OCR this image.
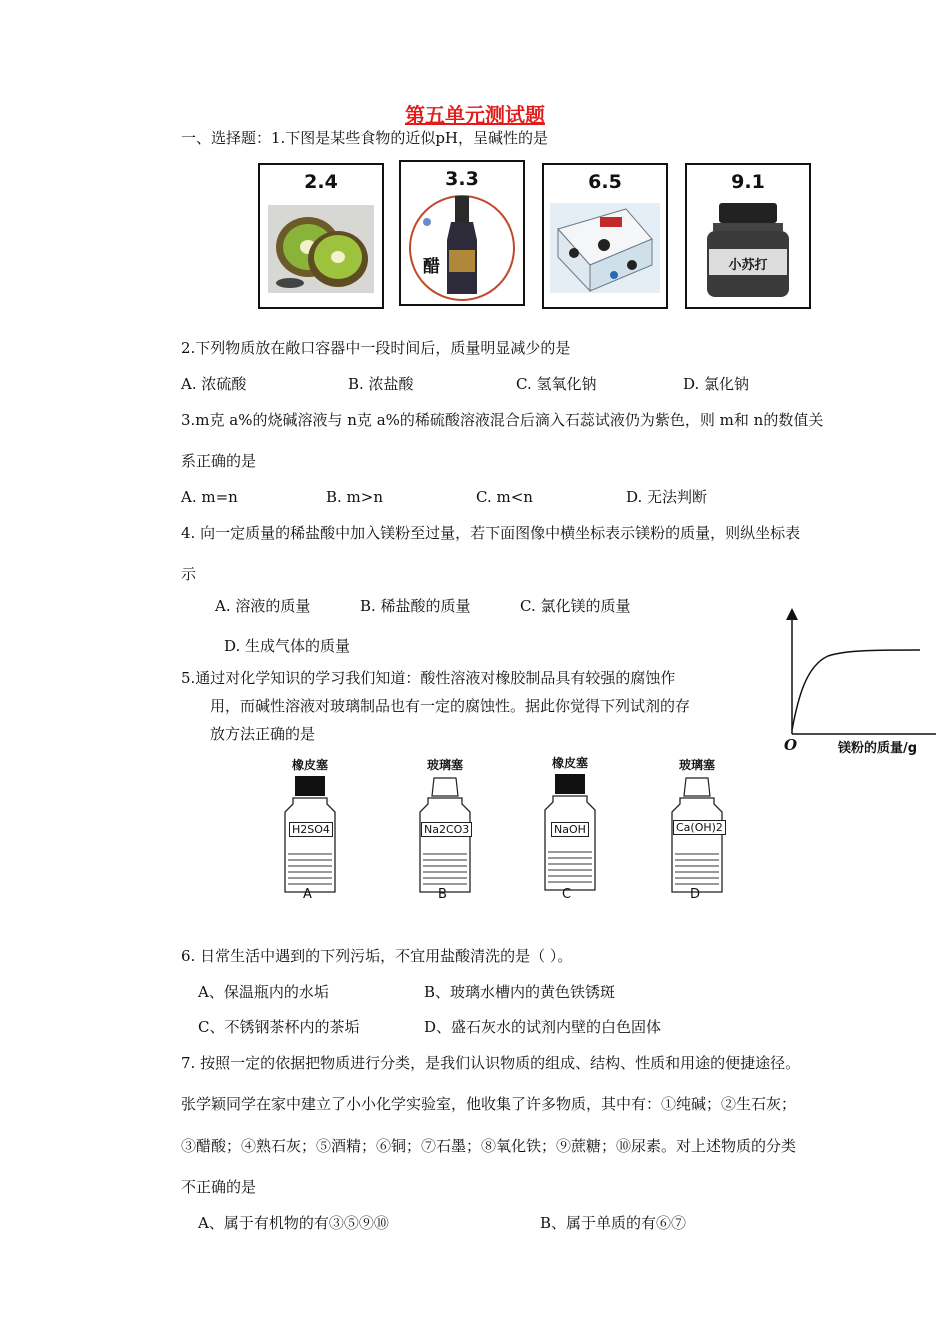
第五单元测试题
一、选择题：1.下图是某些食物的近似pH，呈碱性的是
2.4	3.3
醋
6.5	9.1
小苏打
2.下列物质放在敞口容器中一段时间后，质量明显减少的是
A. 浓硫酸	B. 浓盐酸	C. 氢氧化钠	D. 氯化钠
3.m克 a%的烧碱溶液与 n克 a%的稀硫酸溶液混合后滴入石蕊试液仍为紫色，则 m和 n的数值关
系正确的是
A. m=n	B. m>n	C. m<n	D. 无法判断
4. 向一定质量的稀盐酸中加入镁粉至过量，若下面图像中横坐标表示镁粉的质量，则纵坐标表
示
A. 溶液的质量	B. 稀盐酸的质量	C. 氯化镁的质量
D. 生成气体的质量
O	镁粉的质量/g
5.通过对化学知识的学习我们知道：酸性溶液对橡胶制品具有较强的腐蚀作
用，而碱性溶液对玻璃制品也有一定的腐蚀性。据此你觉得下列试剂的存
放方法正确的是
橡皮塞
H2SO4
A
玻璃塞
Na2CO3
B
橡皮塞
NaOH
C
玻璃塞
Ca(OH)2
D
6. 日常生活中遇到的下列污垢，不宜用盐酸清洗的是（ ）。
A、保温瓶内的水垢	B、玻璃水槽内的黄色铁锈斑
C、不锈钢茶杯内的茶垢	D、盛石灰水的试剂内壁的白色固体
7. 按照一定的依据把物质进行分类，是我们认识物质的组成、结构、性质和用途的便捷途径。
张学颖同学在家中建立了小小化学实验室，他收集了许多物质，其中有：①纯碱；②生石灰；
③醋酸；④熟石灰；⑤酒精；⑥铜；⑦石墨；⑧氧化铁；⑨蔗糖；⑩尿素。对上述物质的分类
不正确的是
A、属于有机物的有③⑤⑨⑩	B、属于单质的有⑥⑦
